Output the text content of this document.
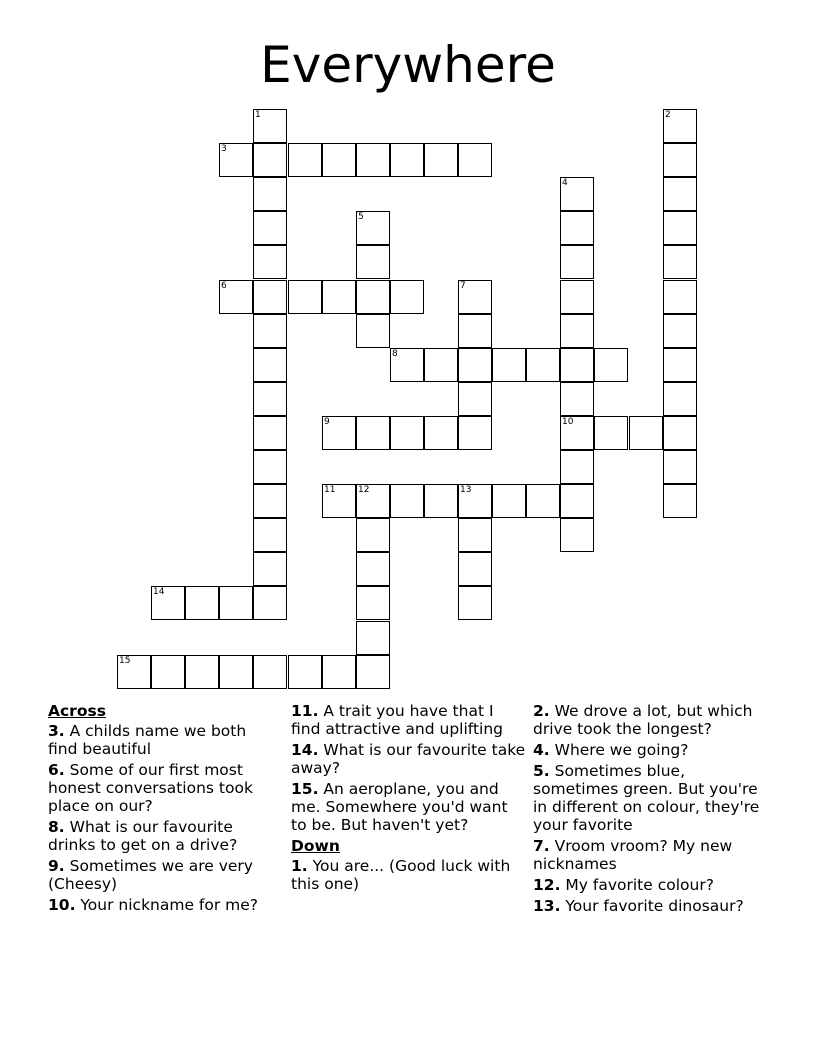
Everywhere
1	2
3
4
10
5
6	7
8
9
11	12	13
14
15
Across
3. A childs name we both find beautiful
6. Some of our first most honest conversations took place on our?
8. What is our favourite drinks to get on a drive?
9. Sometimes we are very (Cheesy)
10. Your nickname for me?
11. A trait you have that I find attractive and uplifting
14. What is our favourite take away?
15. An aeroplane, you and me. Somewhere you'd want to be. But haven't yet?
Down
1. You are... (Good luck with this one)
2. We drove a lot, but which drive took the longest?
4. Where we going?
5. Sometimes blue, sometimes green. But you're in different on colour, they're your favorite
7. Vroom vroom? My new nicknames
12. My favorite colour?
13. Your favorite dinosaur?
